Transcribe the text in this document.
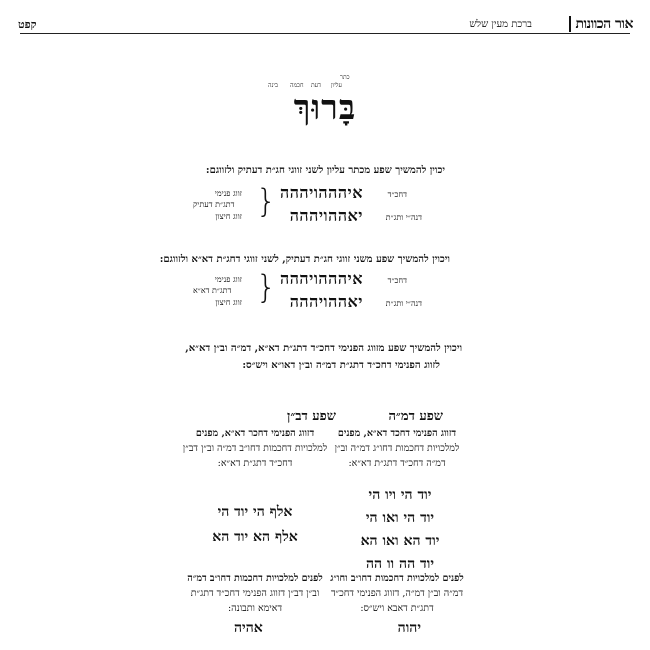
אור הכוונות
ברכת מעין שלש
קפט
כתר
עליון
דעת
חכמה
בינה
בָּרוּךְ
יכוין להמשיך שפע מכתר עליון לשני זווגי חג״ת דעתיק ולזווגם:
זווג פנימי איהההויההה	דחכ״ד
זווג חיצון	יאההויההה	דנה״י ותג״ת
{
דתג״ת דעתיק
ויכוין להמשיך שפע משני זווגי חג״ת דעתיק, לשני זווגי דחג״ת דא״א ולזווגם:
זווג פנימי איהההויההה	דחכ״ד
זווג חיצון	יאההויההה	דנה״י ותג״ת
{
דתג״ת דא״א
ויכוין להמשיך שפע מזווג הפנימי דחכ״ד דתג״ת דא״א, דמ״ה וב״ן דא״א,
לזווג הפנימי דחכ״ד דתג״ת דמ״ה וב״ן דאו״א ויש״ס:
שפע דמ״ה
דזווג הפנימי דחכד דא״א, מפנים
למלכויות דחכמות דחו״ג דמ״ה וב״ן
דמ״ה דחכ״ד דתג״ת דא״א:
יוד הי ויו הי
יוד הי ואו הי
יוד הא ואו הא
יוד הה וו הה
לפנים למלכויות דחכמות דחו״ב וחו״ג
דמ״ה וב״ן דמ״ה, דזווג הפנימי דחכ״ד
דתג״ת דאבא ויש״ס:
יהוה
שפע דב״ן
דזווג הפנימי דחכר דא״א, מפנים
למלכויות דחכמות דחו״ב דמ״ה וב״ן דב״ן
דחכ״ד דתג״ת דא״א:
אלף הי יוד הי
אלף הא יוד הא
לפנים למלכויות דחכמות דחו״ב דמ״ה
וב״ן דב״ן דזווג הפנימי דחכ״ד דתג״ת
דאימא ותבונה:
אהיה
